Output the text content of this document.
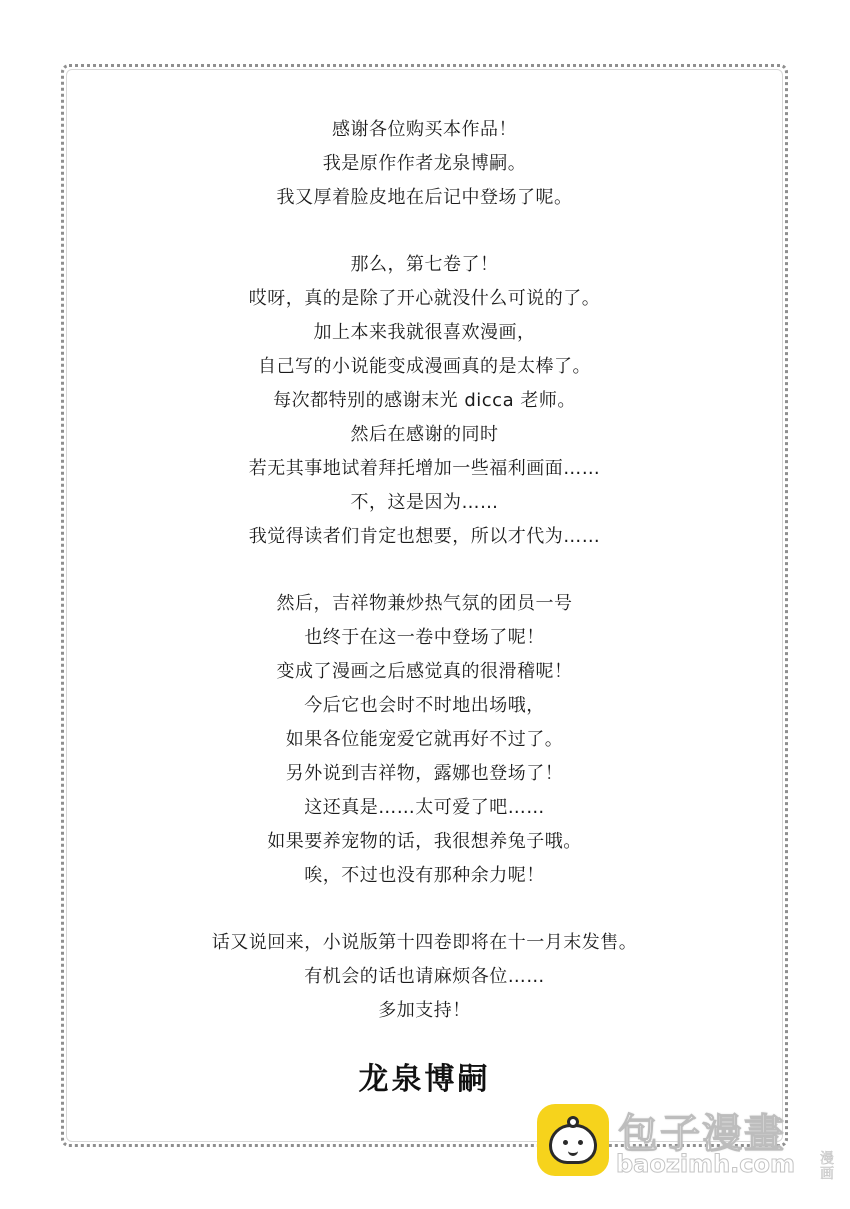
感谢各位购买本作品！
我是原作作者龙泉博嗣。
我又厚着脸皮地在后记中登场了呢。
那么，第七卷了！
哎呀，真的是除了开心就没什么可说的了。
加上本来我就很喜欢漫画，
自己写的小说能变成漫画真的是太棒了。
每次都特别的感谢末光 dicca 老师。
然后在感谢的同时
若无其事地试着拜托增加一些福利画面……
不，这是因为……
我觉得读者们肯定也想要，所以才代为……
然后，吉祥物兼炒热气氛的团员一号
也终于在这一卷中登场了呢！
变成了漫画之后感觉真的很滑稽呢！
今后它也会时不时地出场哦，
如果各位能宠爱它就再好不过了。
另外说到吉祥物，露娜也登场了！
这还真是……太可爱了吧……
如果要养宠物的话，我很想养兔子哦。
唉，不过也没有那种余力呢！
话又说回来，小说版第十四卷即将在十一月末发售。
有机会的话也请麻烦各位……
多加支持！
龙泉博嗣
包子漫畫
baozimh.com 漫画
